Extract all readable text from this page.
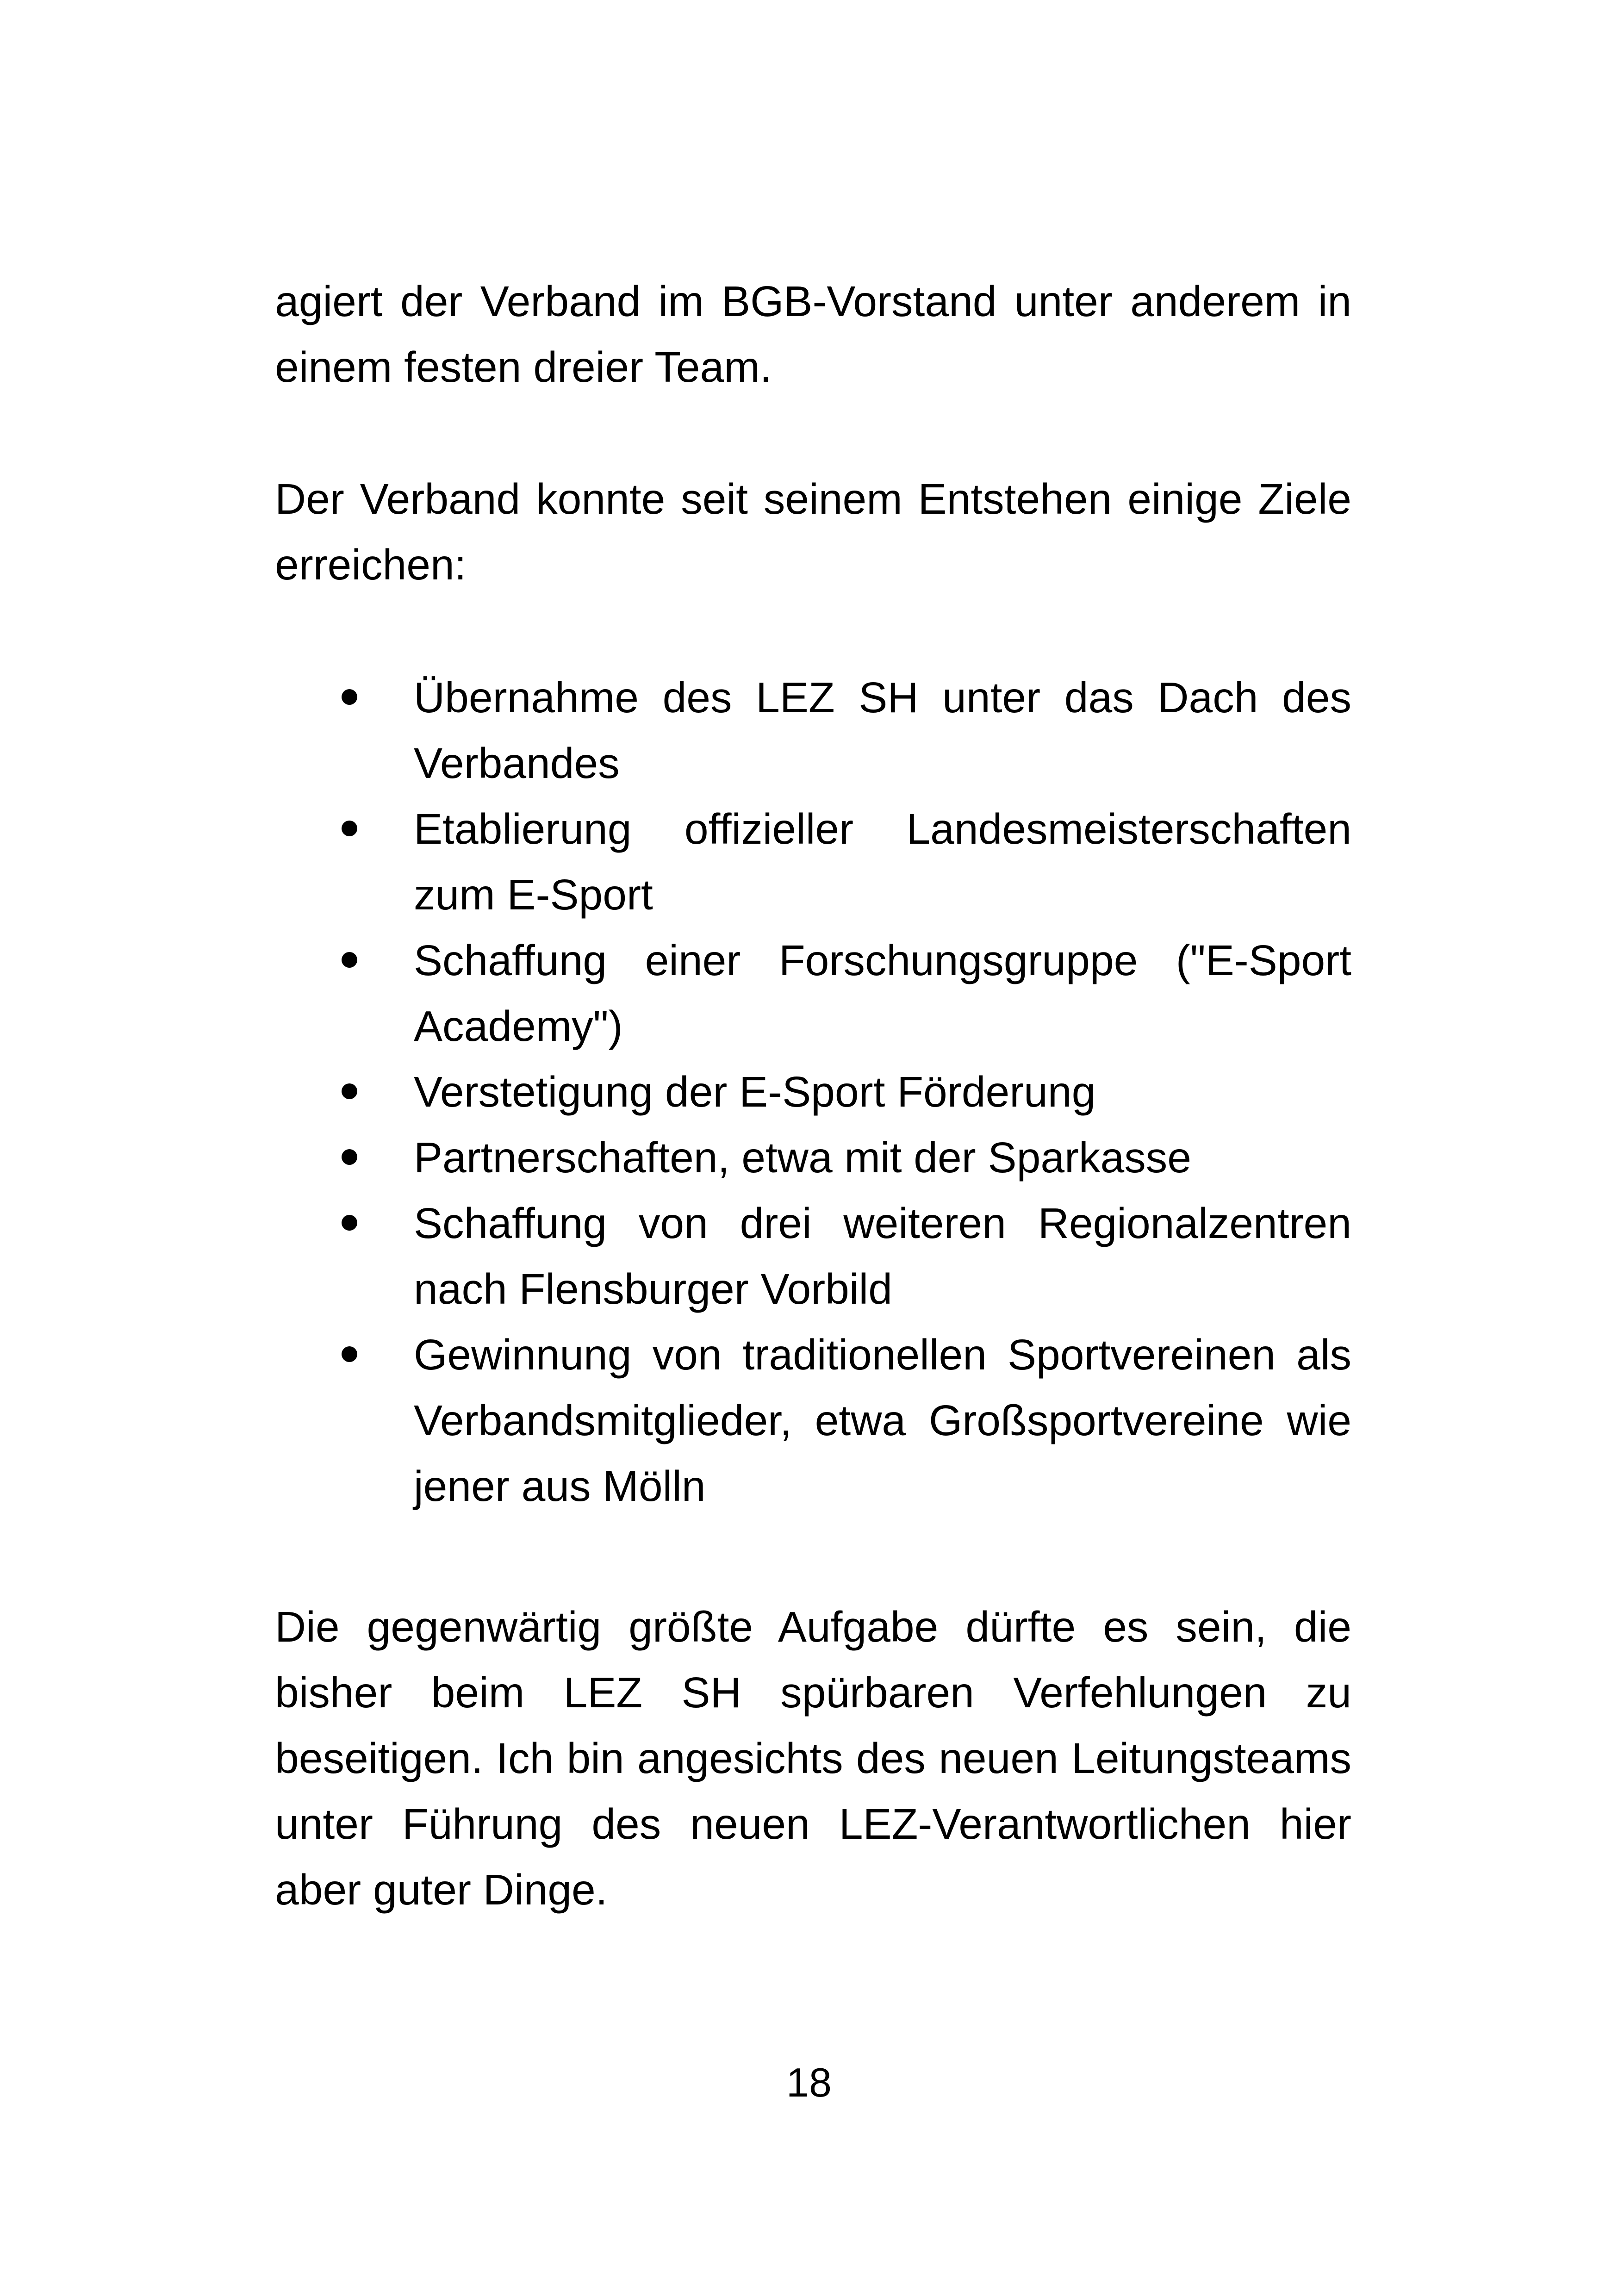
agiert der Verband im BGB-Vorstand unter anderem in einem festen dreier Team.

Der Verband konnte seit seinem Entstehen einige Ziele erreichen:

Übernahme des LEZ SH unter das Dach des Verbandes
Etablierung offizieller Landesmeisterschaften zum E-Sport
Schaffung einer Forschungsgruppe ("E-Sport Academy")
Verstetigung der E-Sport Förderung
Partnerschaften, etwa mit der Sparkasse
Schaffung von drei weiteren Regionalzentren nach Flensburger Vorbild
Gewinnung von traditionellen Sportvereinen als Verbandsmitglieder, etwa Großsportvereine wie jener aus Mölln

Die gegenwärtig größte Aufgabe dürfte es sein, die bisher beim LEZ SH spürbaren Verfehlungen zu beseitigen. Ich bin angesichts des neuen Leitungsteams unter Führung des neuen LEZ-Verantwortlichen hier aber guter Dinge.

18
